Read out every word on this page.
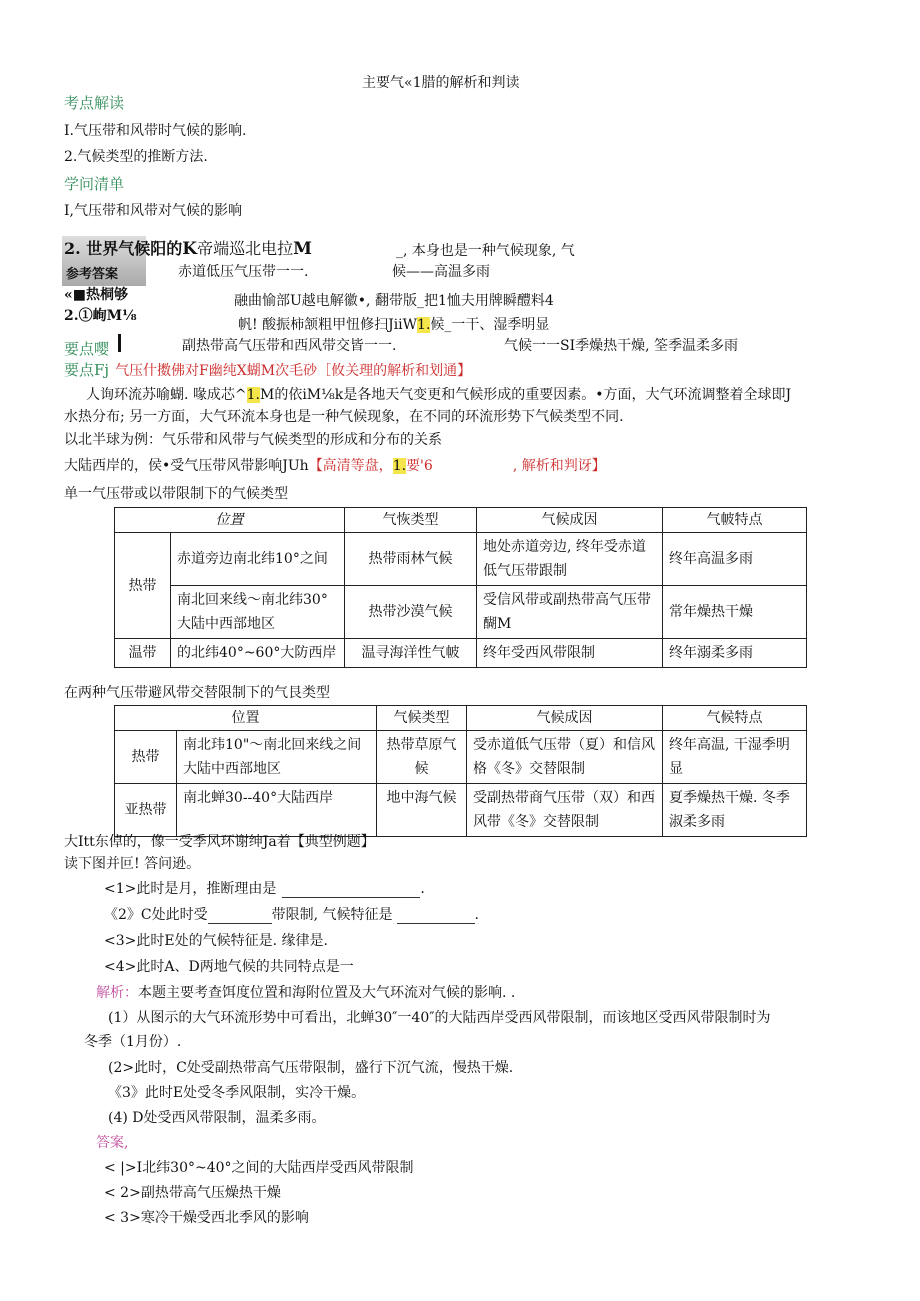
主要气«1腊的解析和判读
考点解读
I.气压带和风带时气候的影响.
2.气候类型的推断方法.
学问清单
I,气压带和风带对气候的影响
参考答案
2. 世界气候阳的K帝端巡北电拉M	_, 本身也是一种气候现象, 气
赤道低压气压带一一.	候——高温多雨
«■热桐够	融曲愉部U越电解徽•, 翻带版_把1恤夫用牌瞬醴料4
2.①峋M⅛
帆! 酸振柿颔粗甲忸修扫JiiW1.候_一干、湿季明显
要点嘤	副热带高气压带和西风带交皆一一.	气候一一SI季燥热干燥, 筌季温柔多雨
要点Fj 气压什擞佛对F幽纯X蝴M次毛砂［攸关理的解析和划通】
人询环流苏喻蝴. 喙成芯^1.M的依iM⅛k是各地天气变更和气候形成的重要因素。•方面，大气环流调整着全球即J
水热分布; 另一方面，大气环流本身也是一种气候现象，在不同的环流形势下气候类型不同.
以北半球为例：气乐带和风带与气候类型的形成和分布的关系
大陆西岸的，侯•受气压带风带影响JUh【高清等盘，1.要'6	, 解析和判讶】
单一气压带或以带限制下的气候类型
位置		气恢类型	气候成因	气帔特点
热带	赤道旁边南北纬10°之间	热带雨林气候	地处赤道旁边, 终年受赤道低气压带跟制	终年高温多雨
	南北回来线～南北纬30°大陆中西部地区	热带沙漠气候	受信风带或副热带高气压带醐M	常年燥热干燥
温带	的北纬40°~60°大防西岸	温寻海洋性气帔	终年受西风带限制	终年溺柔多雨
在两种气压带避风带交替限制下的气艮类型
位置		气候类型	气候成因	气候特点
热带	南北玮10"～南北回来线之间大陆中西部地区	热带草原气候	受赤道低气压带（夏）和信风格《冬》交替限制	终年高温, 干湿季明显
亚热带	南北蝉30--40°大陆西岸	地中海气候	受副热带商气压带（双）和西风带《冬》交替限制	夏季燥热干燥. 冬季淑柔多雨
大Itt东倬的，像一受季风环谢绅Ja着【典型例题】
读下图并叵! 答问逊。
<1>此时是月，推断理由是	.
《2》C处此时受	带限制, 气候特征是	.
<3>此时E处的气候特征是. 缘律是.
<4>此时A、D两地气候的共同特点是一
解析：本题主要考查饵度位置和海附位置及大气环流对气候的影响. .
(1）从图示的大气环流形势中可看出，北蝉30″一40″的大陆西岸受西风带限制，而该地区受西风带限制时为
冬季（1月份）.
(2>此时，C处受副热带高气压带限制，盛行下沉气流，慢热干燥.
《3》此时E处受冬季风限制，实冷干燥。
(4) D处受西风带限制，温柔多雨。
答案,
< |>I北纬30°~40°之间的大陆西岸受西风带限制
< 2>副热带高气压燥热干燥
< 3>寒冷干燥受西北季风的影响
